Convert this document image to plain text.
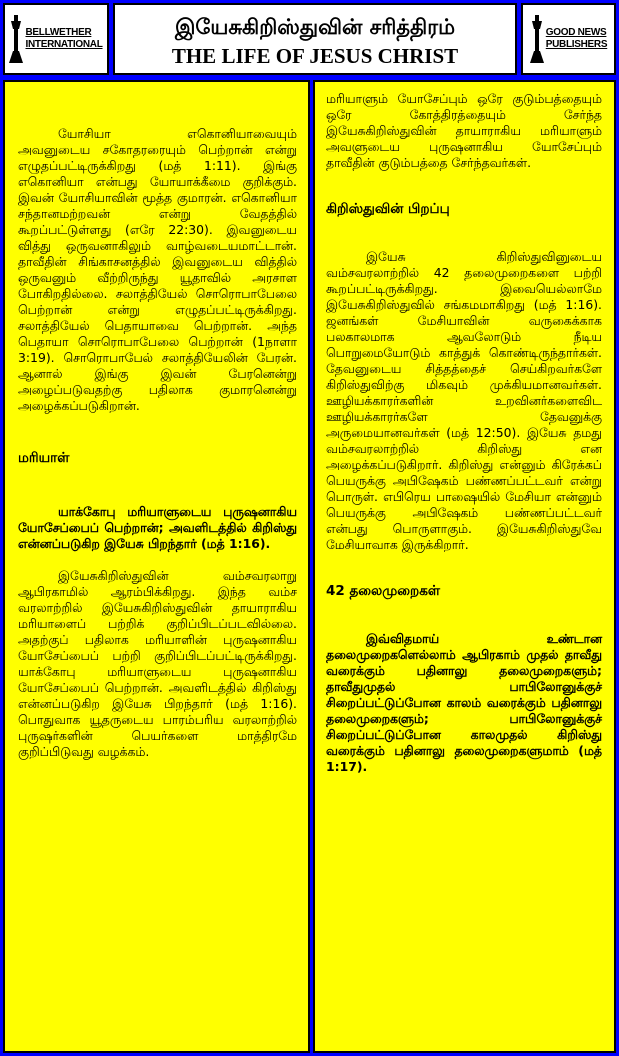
BELLWETHER
INTERNATIONAL
இயேசுகிறிஸ்துவின் சரித்திரம்
THE LIFE OF JESUS CHRIST
GOOD NEWS
PUBLISHERS

யோசியா எகொனியாவையும் அவனுடைய சகோதரரையும் பெற்றான் என்று எழுதப்பட்டிருக்கிறது (மத் 1:11). இங்கு எகொனியா என்பது யோயாக்கீமை குறிக்கும். இவன் யோசியாவின் மூத்த குமாரன். எகொனியா சந்தானமற்றவன் என்று வேதத்தில் கூறப்பட்டுள்ளது (எரே 22:30). இவனுடைய வித்து ஒருவனாகிலும் வாழ்வடையமாட்டான். தாவீதின் சிங்காசனத்தில் இவனுடைய வித்தில் ஒருவனும் வீற்றிருந்து யூதாவில் அரசாள போகிறதில்லை. சலாத்தியேல் சொரொபாபேலை பெற்றான் என்று எழுதப்பட்டிருக்கிறது. சலாத்தியேல் பெதாயாவை பெற்றான். அந்த பெதாயா சொரொபாபேலை பெற்றான் (1நாளா 3:19). சொரொபாபேல் சலாத்தியேலின் பேரன். ஆனால் இங்கு இவன் பேரனென்று அழைப்படுவதற்கு பதிலாக குமாரனென்று அழைக்கப்படுகிறான்.

மரியாள்

யாக்கோபு மரியாளுடைய புருஷனாகிய யோசேப்பைப் பெற்றான்; அவளிடத்தில் கிறிஸ்து என்னப்படுகிற இயேசு பிறந்தார் (மத் 1:16).

இயேசுகிறிஸ்துவின் வம்சவரலாறு ஆபிரகாமில் ஆரம்பிக்கிறது. இந்த வம்ச வரலாற்றில் இயேசுகிறிஸ்துவின் தாயாராகிய மரியாளைப் பற்றிக் குறிப்பிடப்படவில்லை. அதற்குப் பதிலாக மரியாளின் புருஷனாகிய யோசேப்பைப் பற்றி குறிப்பிடப்பட்டிருக்கிறது. யாக்கோபு மரியாளுடைய புருஷனாகிய யோசேப்பைப் பெற்றான். அவளிடத்தில் கிறிஸ்து என்னப்படுகிற இயேசு பிறந்தார் (மத் 1:16). பொதுவாக யூதருடைய பாரம்பரிய வரலாற்றில் புருஷர்களின் பெயர்களை மாத்திரமே குறிப்பிடுவது வழக்கம்.

மரியாளும் யோசேப்பும் ஒரே குடும்பத்தையும் ஒரே கோத்திரத்தையும் சேர்ந்த இயேசுகிறிஸ்துவின் தாயாராகிய மரியாளும் அவளுடைய புருஷனாகிய யோசேப்பும் தாவீதின் குடும்பத்தை சேர்ந்தவர்கள்.

கிறிஸ்துவின் பிறப்பு

இயேசு கிறிஸ்துவினுடைய வம்சவரலாற்றில் 42 தலைமுறைகளை பற்றி கூறப்பட்டிருக்கிறது. இவையெல்லாமே இயேசுகிறிஸ்துவில் சங்கமமாகிறது (மத் 1:16). ஜனங்கள் மேசியாவின் வருகைக்காக பலகாலமாக ஆவலோடும் நீடிய பொறுமையோடும் காத்துக் கொண்டிருந்தார்கள். தேவனுடைய சித்தத்தைச் செய்கிறவர்களே கிறிஸ்துவிற்கு மிகவும் முக்கியமானவர்கள். ஊழியக்காரர்களின் உறவினர்களைவிட ஊழியக்காரர்களே தேவனுக்கு அருமையானவர்கள் (மத் 12:50). இயேசு தமது வம்சவரலாற்றில் கிறிஸ்து என அழைக்கப்படுகிறார். கிறிஸ்து என்னும் கிரேக்கப் பெயருக்கு அபிஷேகம் பண்ணப்பட்டவர் என்று பொருள். எபிரெய பாஷையில் மேசியா என்னும் பெயருக்கு அபிஷேகம் பண்ணப்பட்டவர் என்பது பொருளாகும். இயேசுகிறிஸ்துவே மேசியாவாக இருக்கிறார்.

42 தலைமுறைகள்

இவ்விதமாய் உண்டான தலைமுறைகளெல்லாம் ஆபிரகாம் முதல் தாவீது வரைக்கும் பதினாலு தலைமுறைகளும்; தாவீதுமுதல் பாபிலோனுக்குச் சிறைப்பட்டுப்போன காலம் வரைக்கும் பதினாலு தலைமுறைகளும்; பாபிலோனுக்குச் சிறைப்பட்டுப்போன காலமுதல் கிறிஸ்து வரைக்கும் பதினாலு தலைமுறைகளுமாம் (மத் 1:17).
